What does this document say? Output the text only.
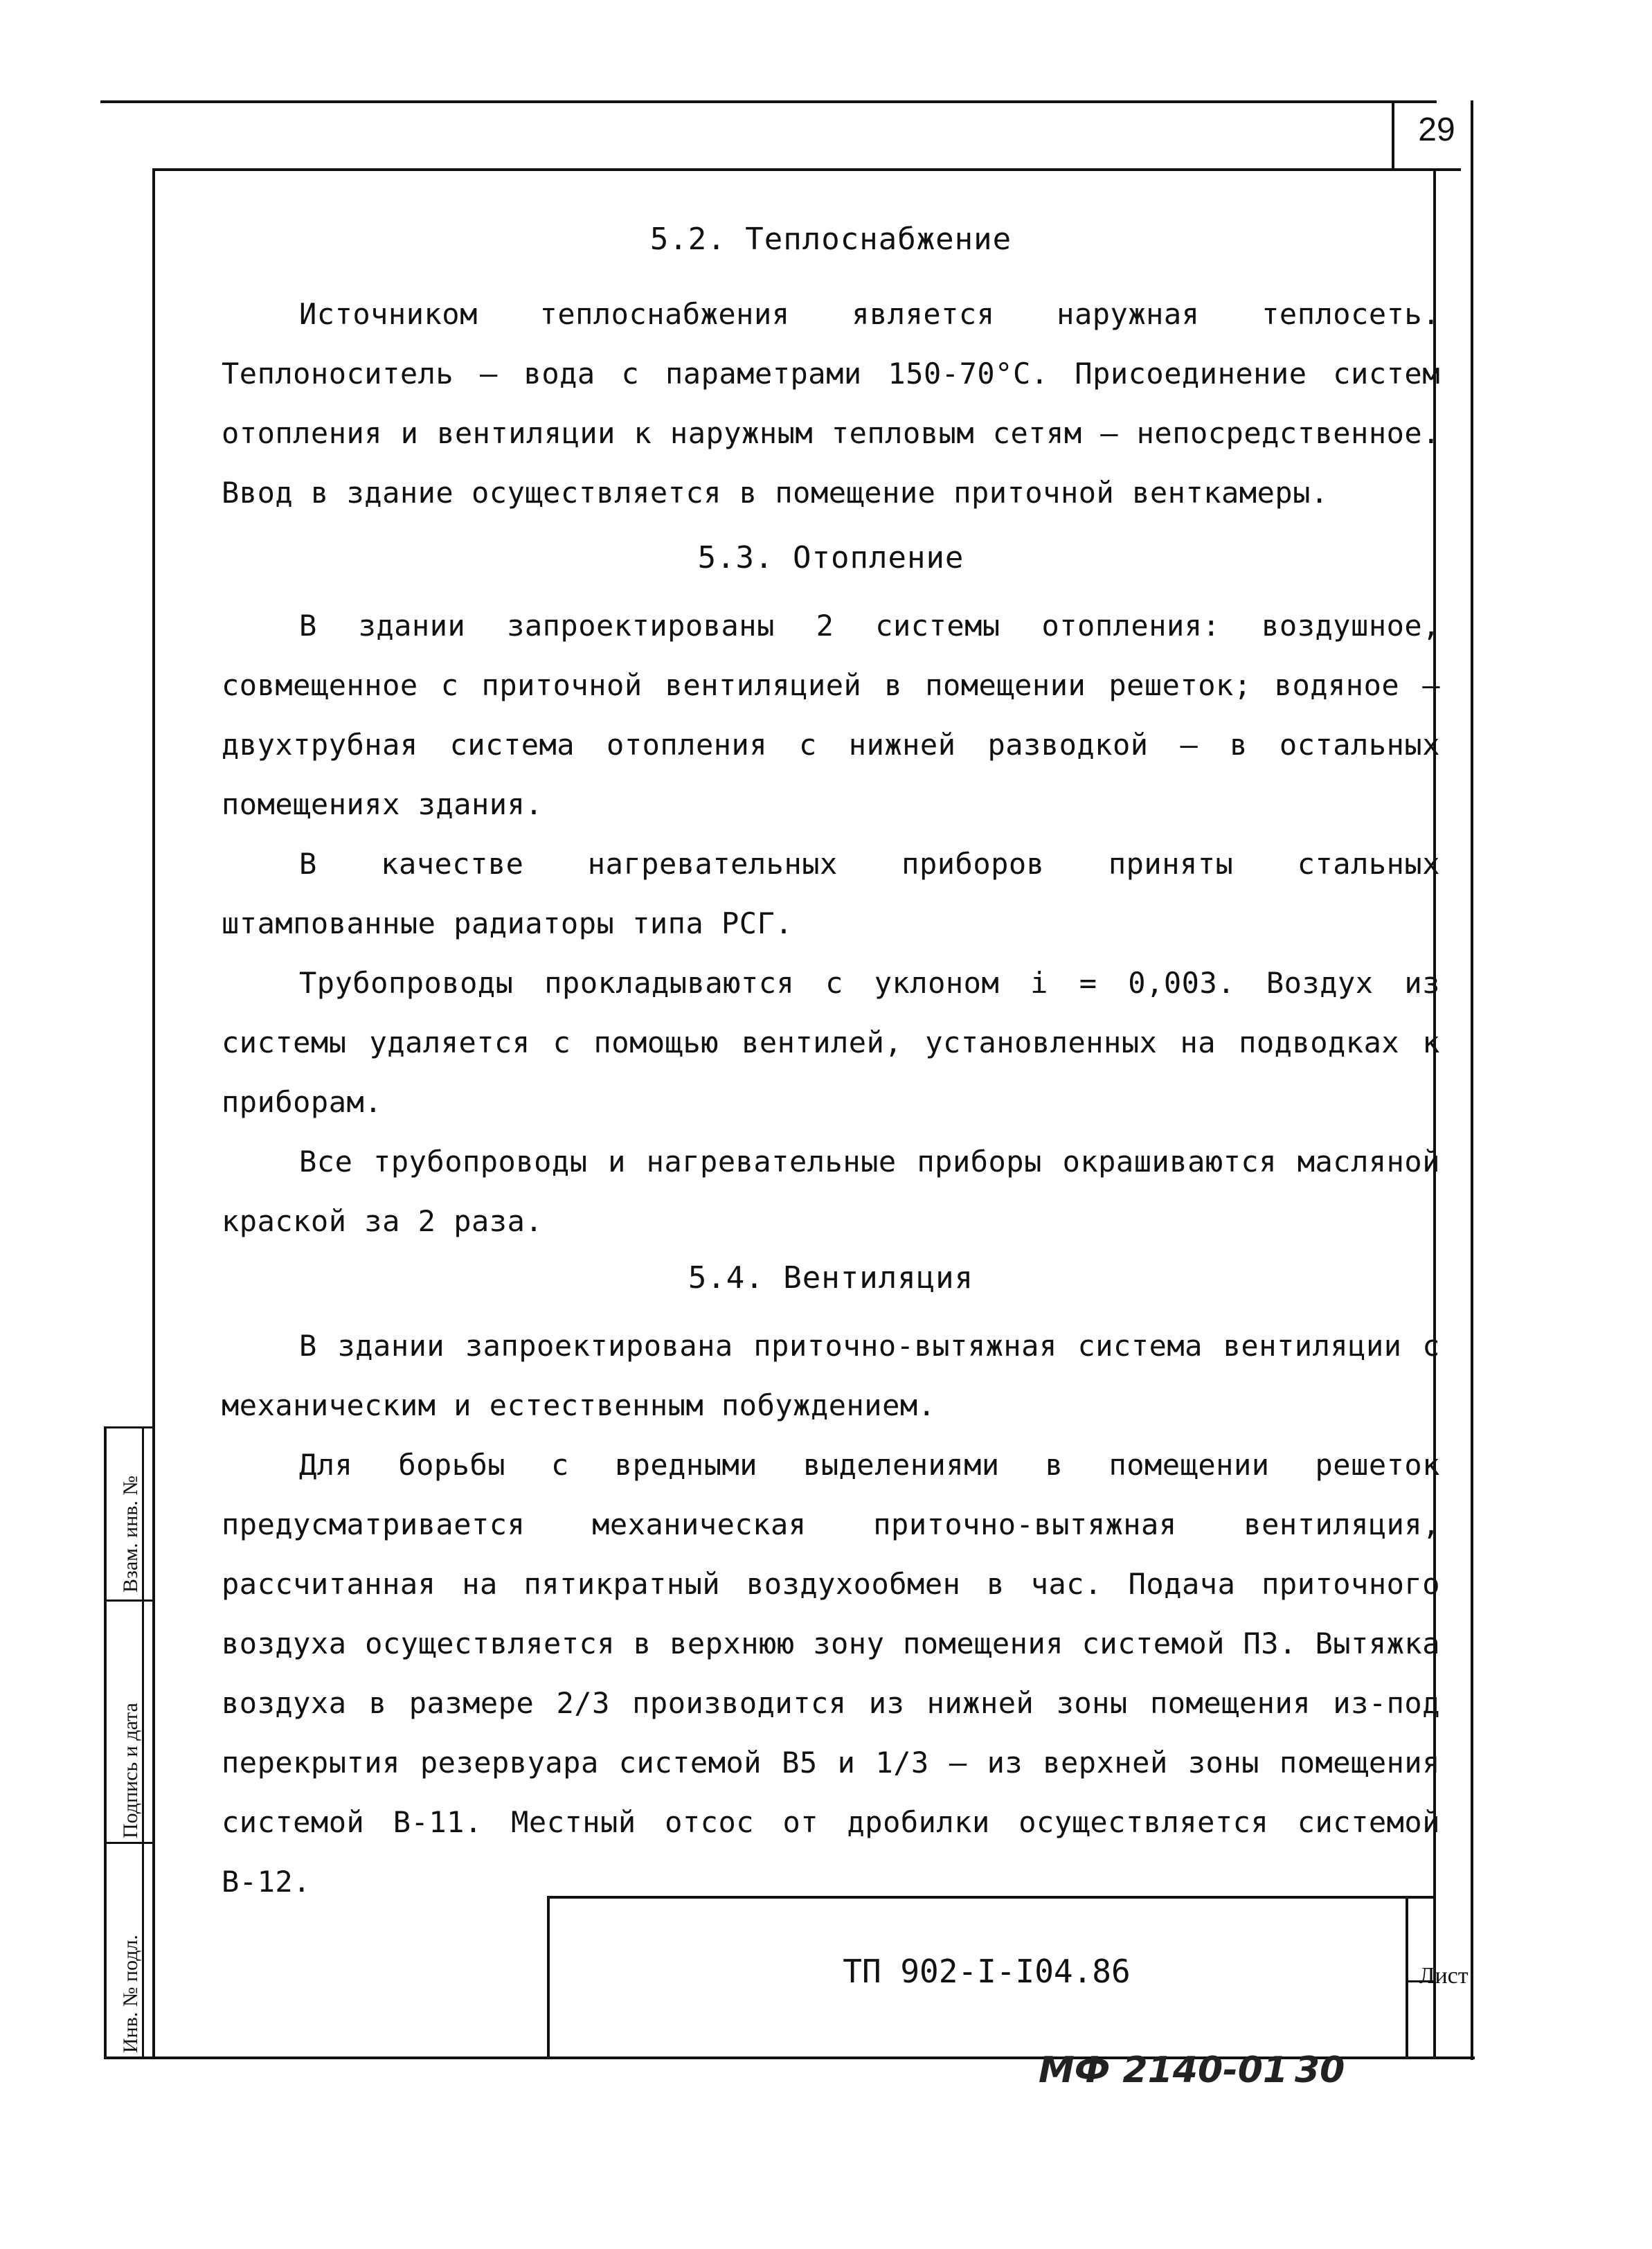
29
5.2. Теплоснабжение

Источником теплоснабжения является наружная теплосеть. Теплоноситель – вода с параметрами 150-70°С. Присоединение систем отопления и вентиляции к наружным тепловым сетям – непосредственное. Ввод в здание осуществляется в помещение приточной венткамеры.

5.3. Отопление

В здании запроектированы 2 системы отопления: воздушное, совмещенное с приточной вентиляцией в помещении решеток; водяное – двухтрубная система отопления с нижней разводкой – в остальных помещениях здания.

В качестве нагревательных приборов приняты стальных штампованные радиаторы типа РСГ.

Трубопроводы прокладываются с уклоном i = 0,003. Воздух из системы удаляется с помощью вентилей, установленных на подводках к приборам.

Все трубопроводы и нагревательные приборы окрашиваются масляной краской за 2 раза.

5.4. Вентиляция

В здании запроектирована приточно-вытяжная система вентиляции с механическим и естественным побуждением.

Для борьбы с вредными выделениями в помещении решеток предусматривается механическая приточно-вытяжная вентиляция, рассчитанная на пятикратный воздухообмен в час. Подача приточного воздуха осуществляется в верхнюю зону помещения системой П3. Вытяжка воздуха в размере 2/3 производится из нижней зоны помещения из-под перекрытия резервуара системой В5 и 1/3 – из верхней зоны помещения системой В-11. Местный отсос от дробилки осуществляется системой В-12.

ТП 902-I-I04.86	Лист
Инв. № подл.
Подпись и дата
Взам. инв. №
МФ 2140-01 30
